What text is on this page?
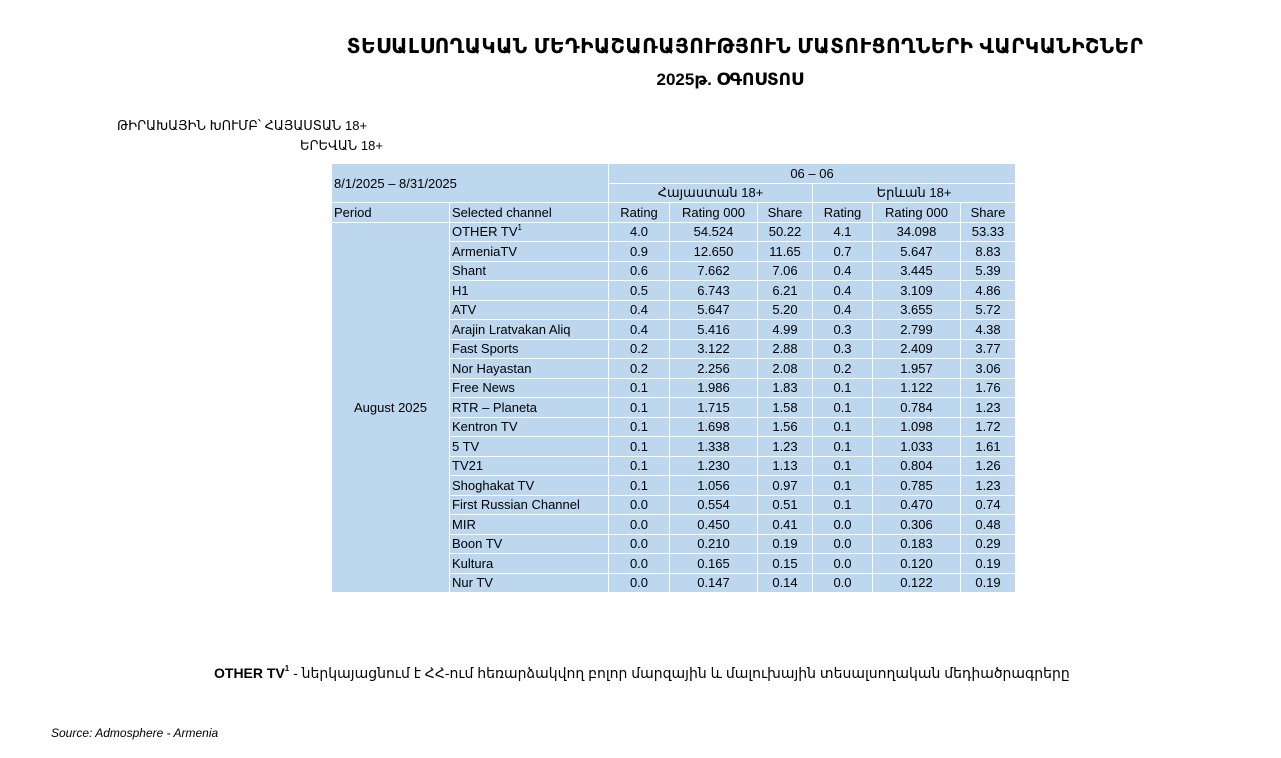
ՏԵՍԱԼՍՈՂԱԿԱՆ ՄԵԴԻԱՇԱՌԱՅՈՒԹՅՈՒՆ ՄԱՏՈՒՑՈՂՆԵՐԻ ՎԱՐԿԱՆԻՇՆԵՐ
2025թ. ՕԳՈՍՏՈՍ
ԹԻՐԱԽԱՅԻՆ ԽՈՒՄԲ՝ ՀԱՅԱՍՏԱՆ 18+
ԵՐԵՎԱՆ 18+
8/1/2025 – 8/31/2025		06 – 06					
		Հայաստան 18+			Երևան 18+		
Period	Selected channel	Rating	Rating 000	Share	Rating	Rating 000	Share
August 2025	OTHER $TV^1$	4.0	54.524	50.22	4.1	34.098	53.33
	ArmeniaTV	0.9	12.650	11.65	0.7	5.647	8.83
	Shant	0.6	7.662	7.06	0.4	3.445	5.39
	H1	0.5	6.743	6.21	0.4	3.109	4.86
	ATV	0.4	5.647	5.20	0.4	3.655	5.72
	Arajin Lratvakan Aliq	0.4	5.416	4.99	0.3	2.799	4.38
	Fast Sports	0.2	3.122	2.88	0.3	2.409	3.77
	Nor Hayastan	0.2	2.256	2.08	0.2	1.957	3.06
	Free News	0.1	1.986	1.83	0.1	1.122	1.76
	RTR – Planeta	0.1	1.715	1.58	0.1	0.784	1.23
	Kentron TV	0.1	1.698	1.56	0.1	1.098	1.72
	5 TV	0.1	1.338	1.23	0.1	1.033	1.61
	TV21	0.1	1.230	1.13	0.1	0.804	1.26
	Shoghakat TV	0.1	1.056	0.97	0.1	0.785	1.23
	First Russian Channel	0.0	0.554	0.51	0.1	0.470	0.74
	MIR	0.0	0.450	0.41	0.0	0.306	0.48
	Boon TV	0.0	0.210	0.19	0.0	0.183	0.29
	Kultura	0.0	0.165	0.15	0.0	0.120	0.19
	Nur TV	0.0	0.147	0.14	0.0	0.122	0.19
OTHER $TV^1$ - ներկայացնում է ՀՀ-ում հեռարձակվող բոլոր մարզային և մալուխային տեսալսողական մեդիածրագրերը
Source: Admosphere - Armenia
